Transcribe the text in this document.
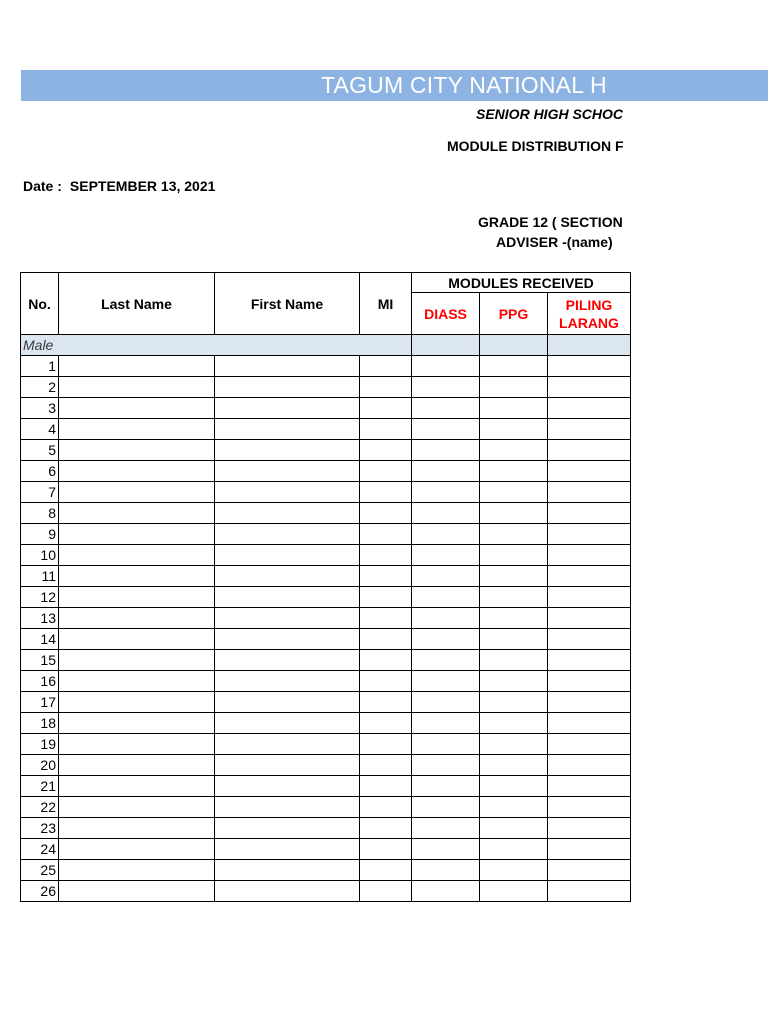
TAGUM CITY NATIONAL H
SENIOR HIGH SCHOC
MODULE DISTRIBUTION F
Date : SEPTEMBER 13, 2021
GRADE 12 ( SECTION
ADVISER -(name)
No.	Last Name	First Name	MI	MODULES RECEIVED		
				DIASS	PPG	PILING
LARANG
Male						
1						
2						
3						
4						
5						
6						
7						
8						
9						
10						
11						
12						
13						
14						
15						
16						
17						
18						
19						
20						
21						
22						
23						
24						
25						
26						
